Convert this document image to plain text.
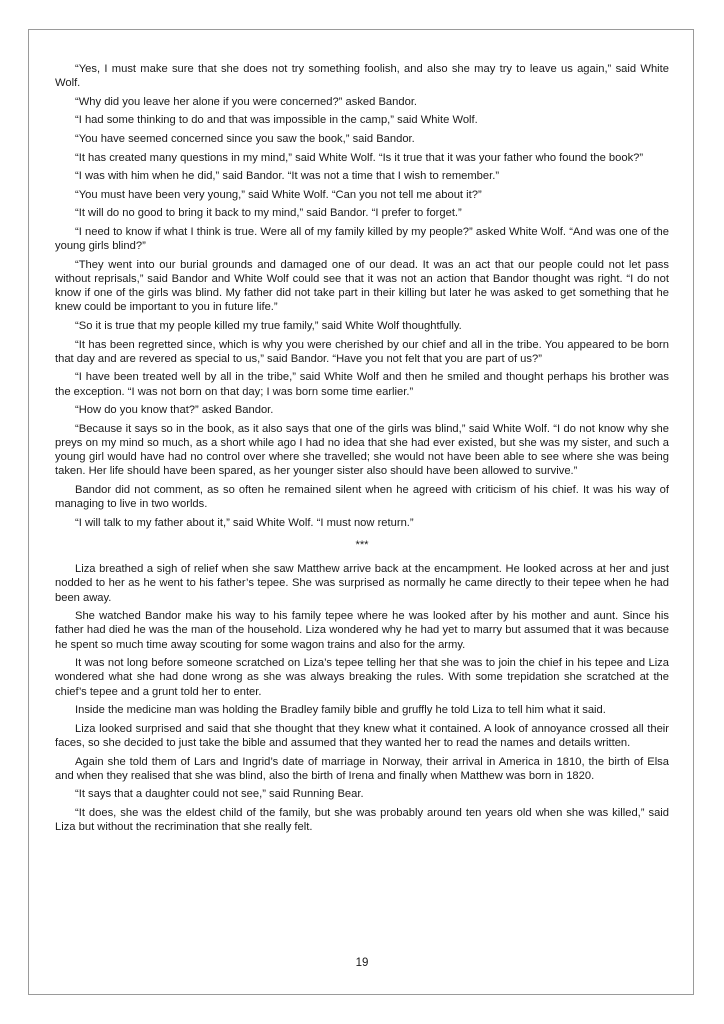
“Yes, I must make sure that she does not try something foolish, and also she may try to leave us again,” said White Wolf.

“Why did you leave her alone if you were concerned?” asked Bandor.

“I had some thinking to do and that was impossible in the camp,” said White Wolf.

“You have seemed concerned since you saw the book,” said Bandor.

“It has created many questions in my mind,” said White Wolf. “Is it true that it was your father who found the book?”

“I was with him when he did,” said Bandor. “It was not a time that I wish to remember.”

“You must have been very young,” said White Wolf. “Can you not tell me about it?”

“It will do no good to bring it back to my mind,” said Bandor. “I prefer to forget.”

“I need to know if what I think is true. Were all of my family killed by my people?” asked White Wolf. “And was one of the young girls blind?”

“They went into our burial grounds and damaged one of our dead. It was an act that our people could not let pass without reprisals,” said Bandor and White Wolf could see that it was not an action that Bandor thought was right. “I do not know if one of the girls was blind. My father did not take part in their killing but later he was asked to get something that he knew could be important to you in future life.”

“So it is true that my people killed my true family,” said White Wolf thoughtfully.

“It has been regretted since, which is why you were cherished by our chief and all in the tribe. You appeared to be born that day and are revered as special to us,” said Bandor. “Have you not felt that you are part of us?”

“I have been treated well by all in the tribe,” said White Wolf and then he smiled and thought perhaps his brother was the exception. “I was not born on that day; I was born some time earlier.”

“How do you know that?” asked Bandor.

“Because it says so in the book, as it also says that one of the girls was blind,” said White Wolf. “I do not know why she preys on my mind so much, as a short while ago I had no idea that she had ever existed, but she was my sister, and such a young girl would have had no control over where she travelled; she would not have been able to see where she was being taken. Her life should have been spared, as her younger sister also should have been allowed to survive.”

Bandor did not comment, as so often he remained silent when he agreed with criticism of his chief. It was his way of managing to live in two worlds.

“I will talk to my father about it,” said White Wolf. “I must now return.”

***

Liza breathed a sigh of relief when she saw Matthew arrive back at the encampment. He looked across at her and just nodded to her as he went to his father’s tepee. She was surprised as normally he came directly to their tepee when he had been away.

She watched Bandor make his way to his family tepee where he was looked after by his mother and aunt. Since his father had died he was the man of the household. Liza wondered why he had yet to marry but assumed that it was because he spent so much time away scouting for some wagon trains and also for the army.

It was not long before someone scratched on Liza’s tepee telling her that she was to join the chief in his tepee and Liza wondered what she had done wrong as she was always breaking the rules. With some trepidation she scratched at the chief’s tepee and a grunt told her to enter.

Inside the medicine man was holding the Bradley family bible and gruffly he told Liza to tell him what it said.

Liza looked surprised and said that she thought that they knew what it contained. A look of annoyance crossed all their faces, so she decided to just take the bible and assumed that they wanted her to read the names and details written.

Again she told them of Lars and Ingrid’s date of marriage in Norway, their arrival in America in 1810, the birth of Elsa and when they realised that she was blind, also the birth of Irena and finally when Matthew was born in 1820.

“It says that a daughter could not see,” said Running Bear.

“It does, she was the eldest child of the family, but she was probably around ten years old when she was killed,” said Liza but without the recrimination that she really felt.

19
